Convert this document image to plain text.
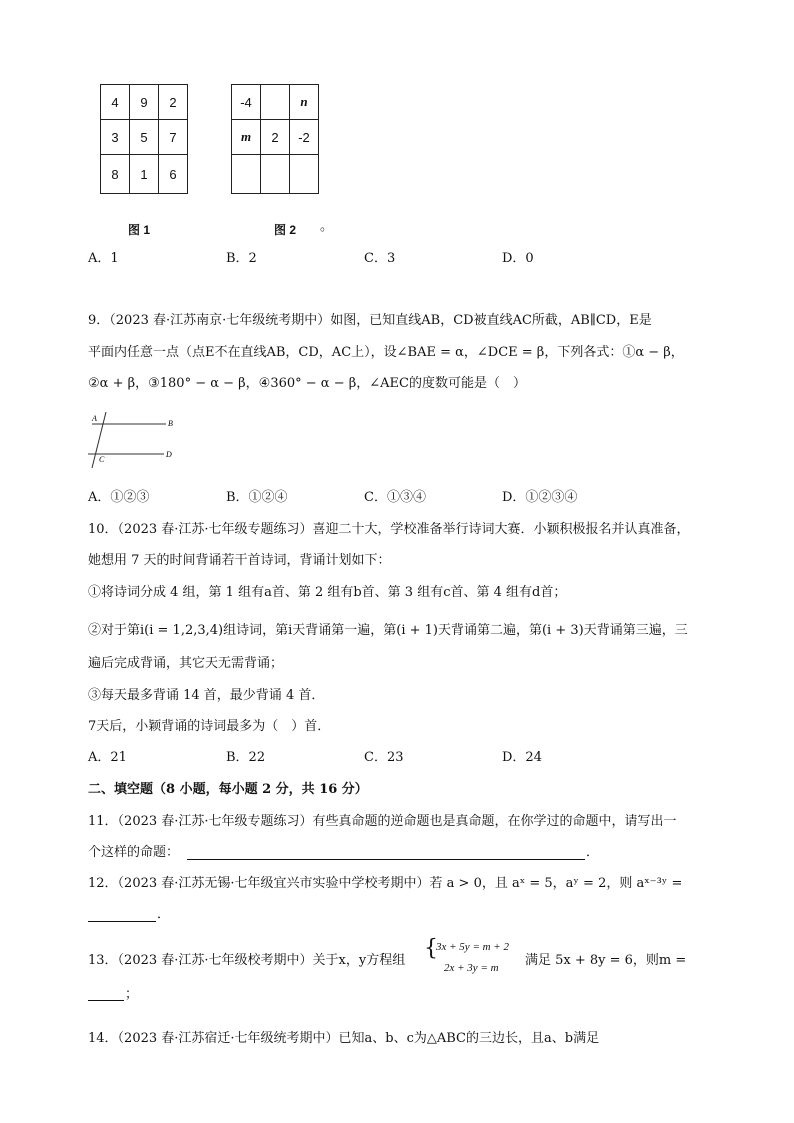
4	9	2
3	5	7
8	1	6
图 1
-4		n
m	2	-2

图 2 。
A．1	B．2	C．3	D．0
9．（2023 春·江苏南京·七年级统考期中）如图，已知直线AB，CD被直线AC所截，AB∥CD，E是
平面内任意一点（点E不在直线AB，CD，AC上），设∠BAE = α，∠DCE = β，下列各式：①α − β，
②α + β，③180° − α − β，④360° − α − β，∠AEC的度数可能是（　）
A
B
C
D
A．①②③	B．①②④	C．①③④	D．①②③④
10．（2023 春·江苏·七年级专题练习）喜迎二十大，学校准备举行诗词大赛．小颖积极报名并认真准备，
她想用 7 天的时间背诵若干首诗词，背诵计划如下：
①将诗词分成 4 组，第 1 组有a首、第 2 组有b首、第 3 组有c首、第 4 组有d首；
②对于第i(i = 1,2,3,4)组诗词，第i天背诵第一遍，第(i + 1)天背诵第二遍，第(i + 3)天背诵第三遍，三
遍后完成背诵，其它天无需背诵；
③每天最多背诵 14 首，最少背诵 4 首．
7天后，小颖背诵的诗词最多为（　）首．
A．21	B．22	C．23	D．24
二、填空题（8 小题，每小题 2 分，共 16 分）
11．（2023 春·江苏·七年级专题练习）有些真命题的逆命题也是真命题，在你学过的命题中，请写出一
个这样的命题：	．
12．（2023 春·江苏无锡·七年级宜兴市实验中学校考期中）若 a > 0，且 aˣ = 5，aʸ = 2，则 aˣ⁻³ʸ =
．
13．（2023 春·江苏·七年级校考期中）关于x，y方程组 {
3x + 5y = m + 2
2x + 3y = m 满足 5x + 8y = 6，则m =
；
14．（2023 春·江苏宿迁·七年级统考期中）已知a、b、c为△ABC的三边长，且a、b满足
